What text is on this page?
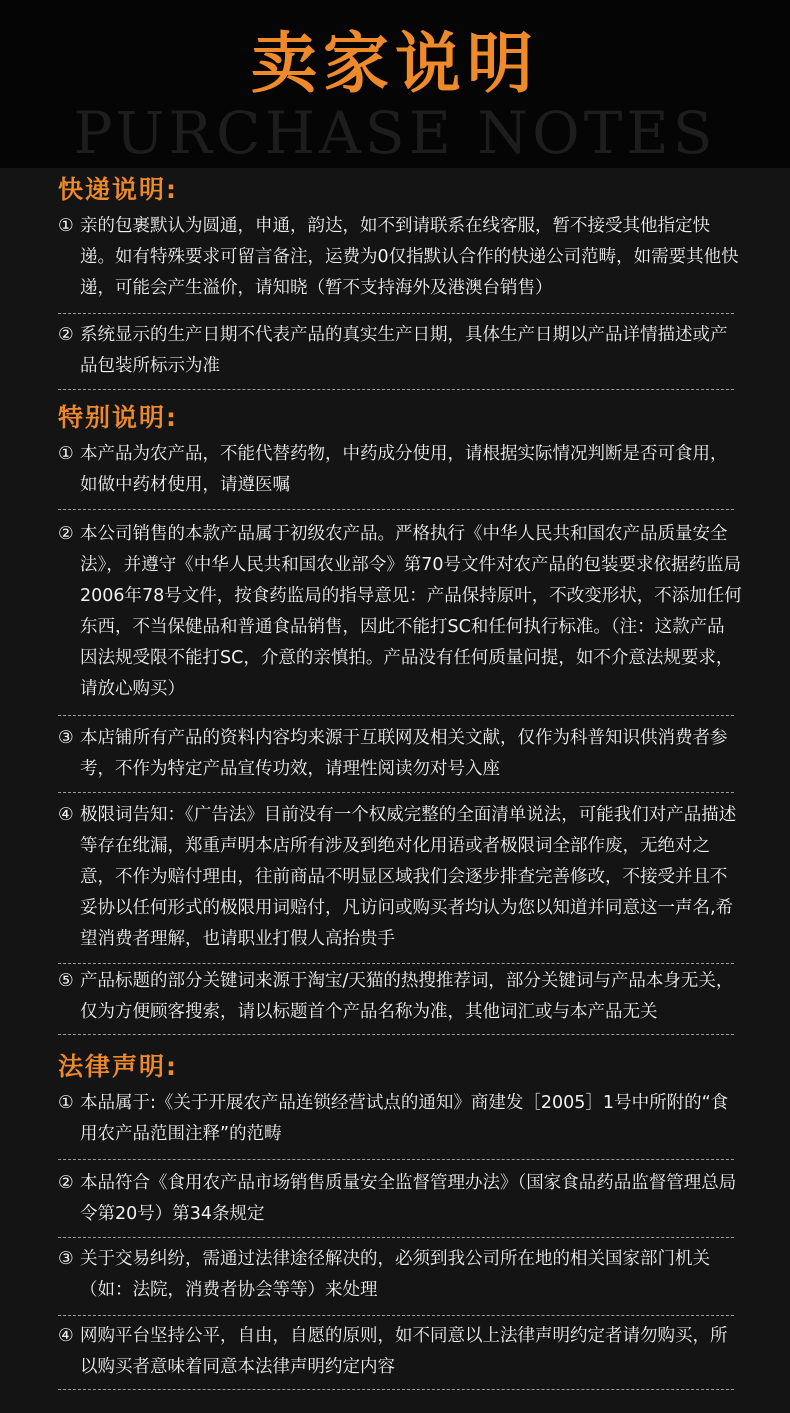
PURCHASE NOTES
卖家说明
快递说明:
① 亲的包裹默认为圆通，申通，韵达，如不到请联系在线客服，暂不接受其他指定快递。如有特殊要求可留言备注，运费为0仅指默认合作的快递公司范畴，如需要其他快递，可能会产生溢价，请知晓（暂不支持海外及港澳台销售）
② 系统显示的生产日期不代表产品的真实生产日期，具体生产日期以产品详情描述或产品包装所标示为准
特别说明:
① 本产品为农产品，不能代替药物，中药成分使用，请根据实际情况判断是否可食用，如做中药材使用，请遵医嘱
② 本公司销售的本款产品属于初级农产品。严格执行《中华人民共和国农产品质量安全法》，并遵守《中华人民共和国农业部令》第70号文件对农产品的包装要求依据药监局2006年78号文件，按食药监局的指导意见：产品保持原叶，不改变形状，不添加任何东西，不当保健品和普通食品销售，因此不能打SC和任何执行标准。（注：这款产品因法规受限不能打SC，介意的亲慎拍。产品没有任何质量问提，如不介意法规要求，请放心购买）
③ 本店铺所有产品的资料内容均来源于互联网及相关文献，仅作为科普知识供消费者参考，不作为特定产品宣传功效，请理性阅读勿对号入座
④ 极限词告知：《广告法》目前没有一个权威完整的全面清单说法，可能我们对产品描述等存在纰漏，郑重声明本店所有涉及到绝对化用语或者极限词全部作废，无绝对之意，不作为赔付理由，往前商品不明显区域我们会逐步排查完善修改，不接受并且不妥协以任何形式的极限用词赔付，凡访问或购买者均认为您以知道并同意这一声名,希望消费者理解，也请职业打假人高抬贵手
⑤ 产品标题的部分关键词来源于淘宝/天猫的热搜推荐词，部分关键词与产品本身无关，仅为方便顾客搜索，请以标题首个产品名称为准，其他词汇或与本产品无关
法律声明:
① 本品属于:《关于开展农产品连锁经营试点的通知》商建发［2005］1号中所附的“食用农产品范围注释”的范畴
② 本品符合《食用农产品市场销售质量安全监督管理办法》（国家食品药品监督管理总局令第20号）第34条规定
③ 关于交易纠纷，需通过法律途径解决的，必须到我公司所在地的相关国家部门机关（如：法院，消费者协会等等）来处理
④ 网购平台坚持公平，自由，自愿的原则，如不同意以上法律声明约定者请勿购买，所以购买者意味着同意本法律声明约定内容
